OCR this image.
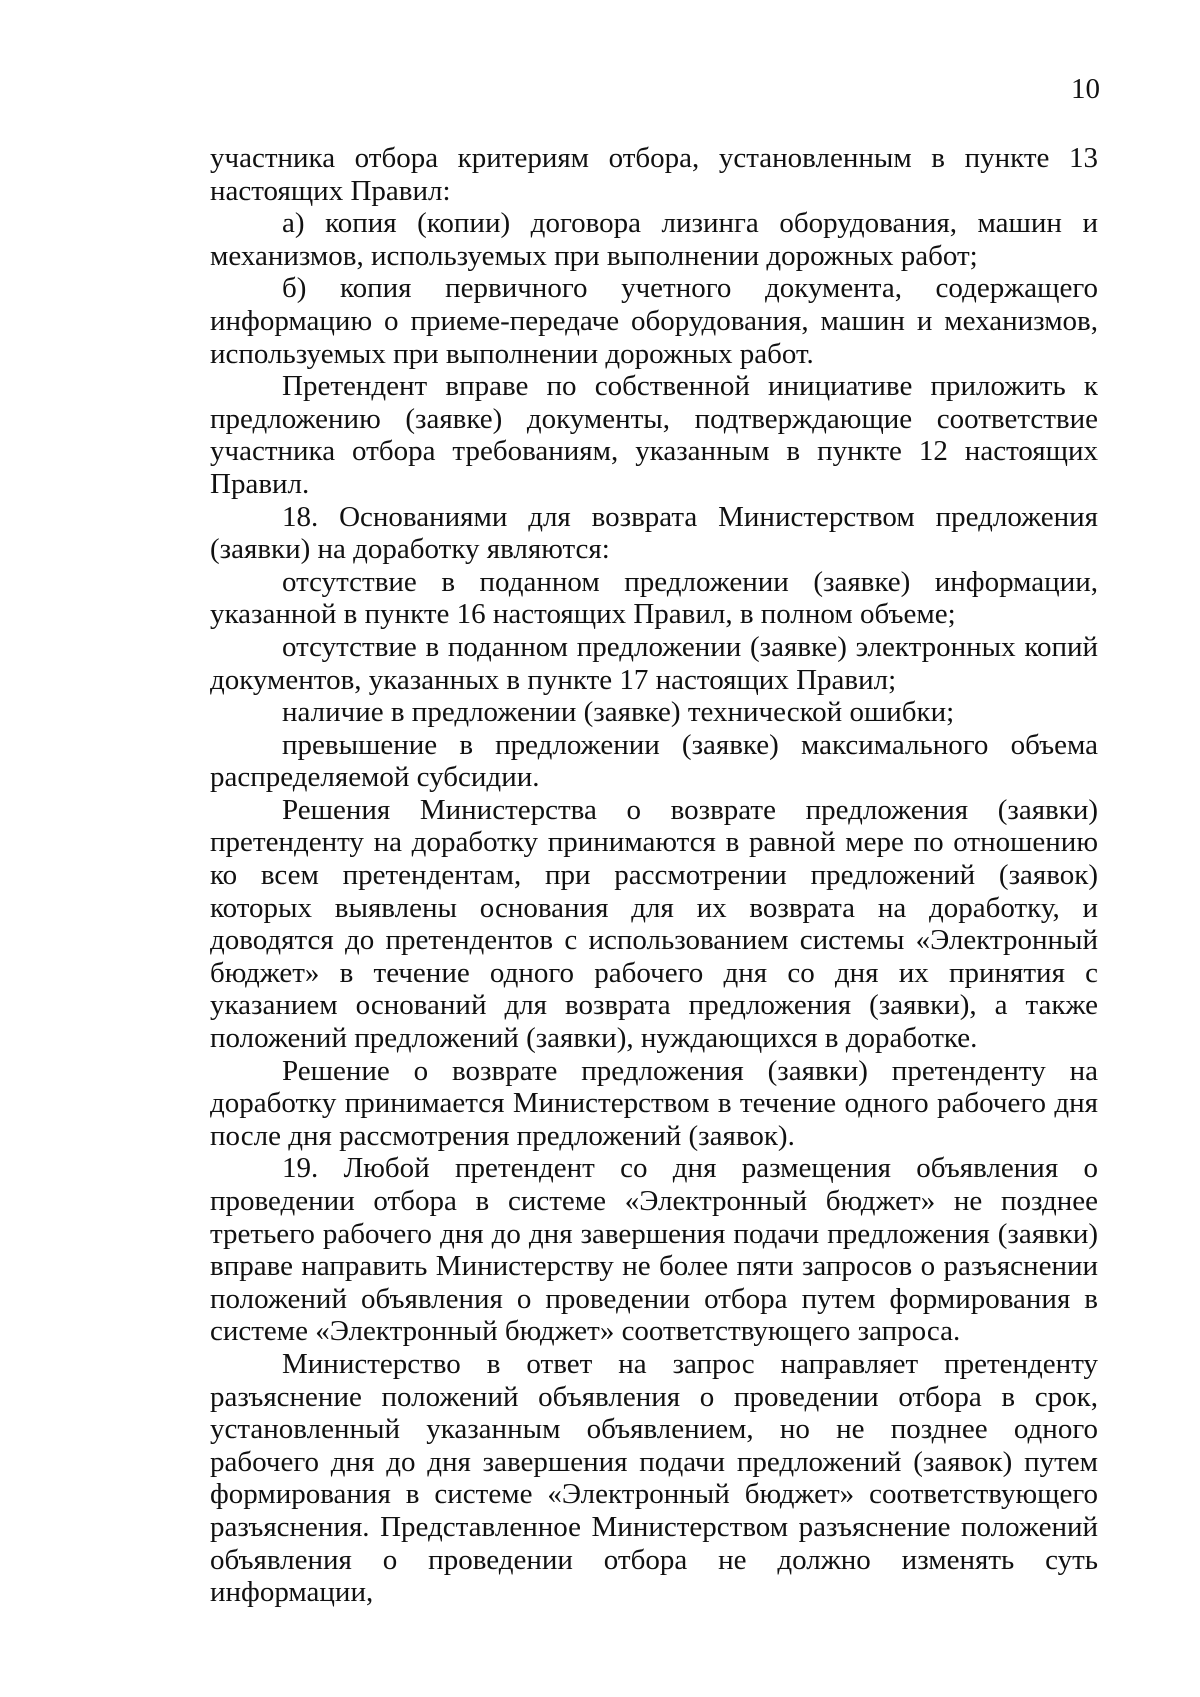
10

участника отбора критериям отбора, установленным в пункте 13 настоящих Правил:

а) копия (копии) договора лизинга оборудования, машин и механизмов, используемых при выполнении дорожных работ;

б) копия первичного учетного документа, содержащего информацию о приеме-передаче оборудования, машин и механизмов, используемых при выполнении дорожных работ.

Претендент вправе по собственной инициативе приложить к предложению (заявке) документы, подтверждающие соответствие участника отбора требованиям, указанным в пункте 12 настоящих Правил.

18. Основаниями для возврата Министерством предложения (заявки) на доработку являются:

отсутствие в поданном предложении (заявке) информации, указанной в пункте 16 настоящих Правил, в полном объеме;

отсутствие в поданном предложении (заявке) электронных копий документов, указанных в пункте 17 настоящих Правил;

наличие в предложении (заявке) технической ошибки;

превышение в предложении (заявке) максимального объема распределяемой субсидии.

Решения Министерства о возврате предложения (заявки) претенденту на доработку принимаются в равной мере по отношению ко всем претендентам, при рассмотрении предложений (заявок) которых выявлены основания для их возврата на доработку, и доводятся до претендентов с использованием системы «Электронный бюджет» в течение одного рабочего дня со дня их принятия с указанием оснований для возврата предложения (заявки), а также положений предложений (заявки), нуждающихся в доработке.

Решение о возврате предложения (заявки) претенденту на доработку принимается Министерством в течение одного рабочего дня после дня рассмотрения предложений (заявок).

19. Любой претендент со дня размещения объявления о проведении отбора в системе «Электронный бюджет» не позднее третьего рабочего дня до дня завершения подачи предложения (заявки) вправе направить Министерству не более пяти запросов о разъяснении положений объявления о проведении отбора путем формирования в системе «Электронный бюджет» соответствующего запроса.

Министерство в ответ на запрос направляет претенденту разъяснение положений объявления о проведении отбора в срок, установленный указанным объявлением, но не позднее одного рабочего дня до дня завершения подачи предложений (заявок) путем формирования в системе «Электронный бюджет» соответствующего разъяснения. Представленное Министерством разъяснение положений объявления о проведении отбора не должно изменять суть информации,
